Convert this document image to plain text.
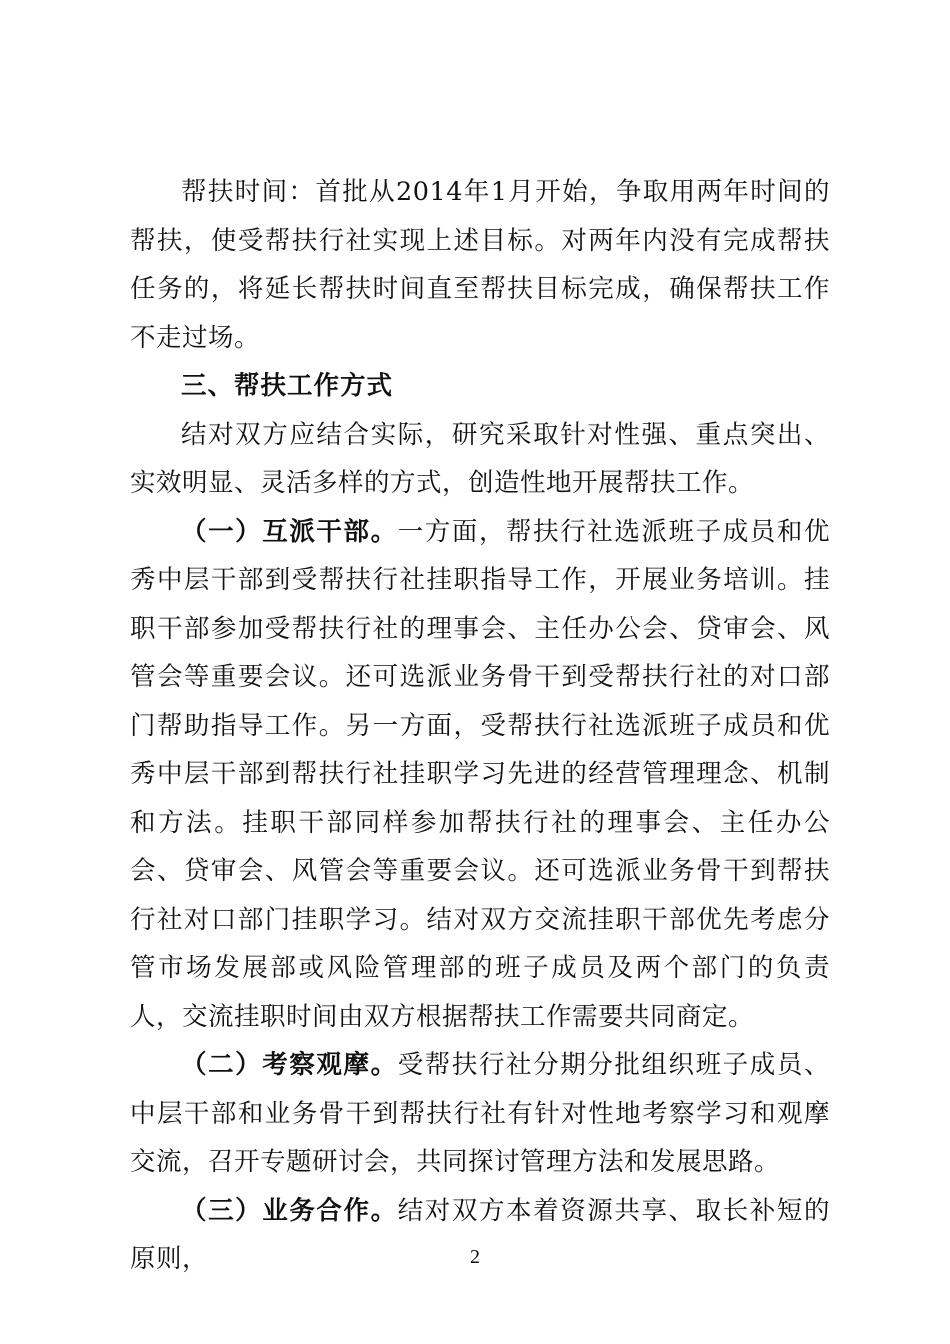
帮扶时间：首批从2014年1月开始，争取用两年时间的帮扶，使受帮扶行社实现上述目标。对两年内没有完成帮扶任务的，将延长帮扶时间直至帮扶目标完成，确保帮扶工作不走过场。

三、帮扶工作方式

结对双方应结合实际，研究采取针对性强、重点突出、实效明显、灵活多样的方式，创造性地开展帮扶工作。

（一）互派干部。一方面，帮扶行社选派班子成员和优秀中层干部到受帮扶行社挂职指导工作，开展业务培训。挂职干部参加受帮扶行社的理事会、主任办公会、贷审会、风管会等重要会议。还可选派业务骨干到受帮扶行社的对口部门帮助指导工作。另一方面，受帮扶行社选派班子成员和优秀中层干部到帮扶行社挂职学习先进的经营管理理念、机制和方法。挂职干部同样参加帮扶行社的理事会、主任办公会、贷审会、风管会等重要会议。还可选派业务骨干到帮扶行社对口部门挂职学习。结对双方交流挂职干部优先考虑分管市场发展部或风险管理部的班子成员及两个部门的负责人，交流挂职时间由双方根据帮扶工作需要共同商定。

（二）考察观摩。受帮扶行社分期分批组织班子成员、中层干部和业务骨干到帮扶行社有针对性地考察学习和观摩交流，召开专题研讨会，共同探讨管理方法和发展思路。

（三）业务合作。结对双方本着资源共享、取长补短的原则，	2
